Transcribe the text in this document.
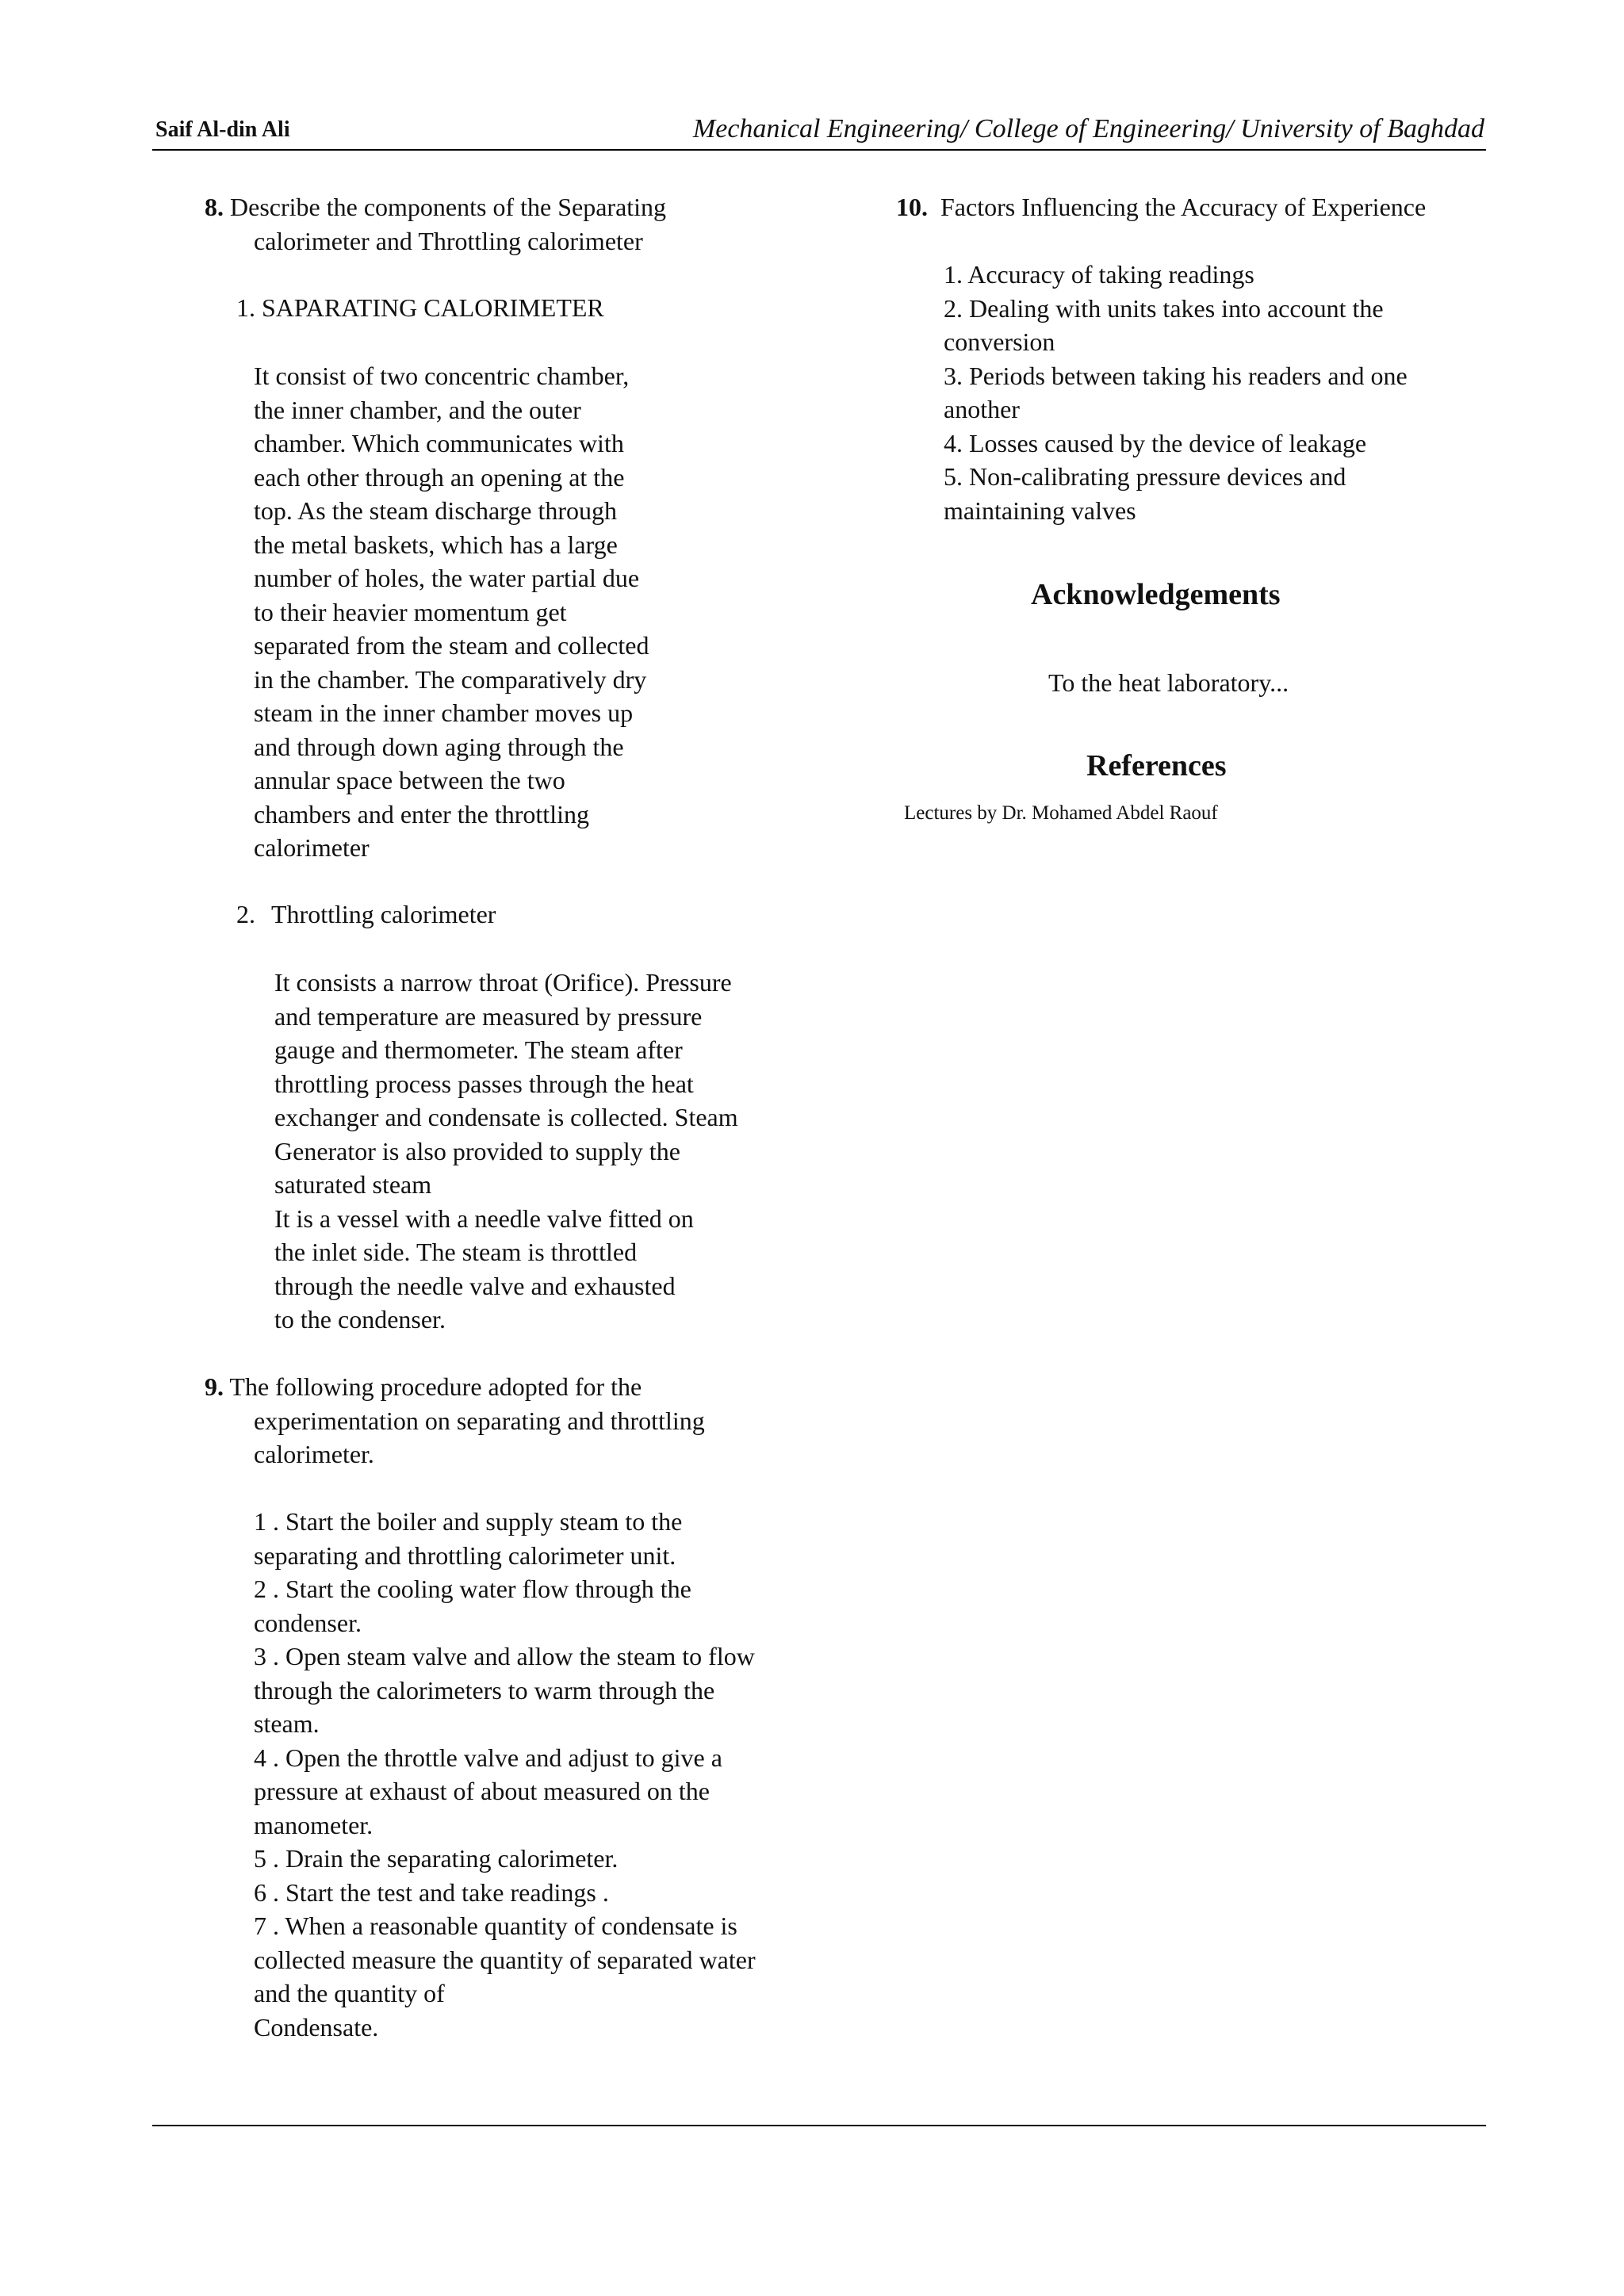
Saif Al-din Ali	Mechanical Engineering/ College of Engineering/ University of Baghdad
8. Describe the components of the Separating
calorimeter and Throttling calorimeter
1. SAPARATING CALORIMETER
It consist of two concentric chamber,
the inner chamber, and the outer
chamber. Which communicates with
each other through an opening at the
top. As the steam discharge through
the metal baskets, which has a large
number of holes, the water partial due
to their heavier momentum get
separated from the steam and collected
in the chamber. The comparatively dry
steam in the inner chamber moves up
and through down aging through the
annular space between the two
chambers and enter the throttling
calorimeter
2. Throttling calorimeter
It consists a narrow throat (Orifice). Pressure
and temperature are measured by pressure
gauge and thermometer. The steam after
throttling process passes through the heat
exchanger and condensate is collected. Steam
Generator is also provided to supply the
saturated steam
It is a vessel with a needle valve fitted on
the inlet side. The steam is throttled
through the needle valve and exhausted
to the condenser.
9. The following procedure adopted for the
experimentation on separating and throttling
calorimeter.
1 . Start the boiler and supply steam to the
separating and throttling calorimeter unit.
2 . Start the cooling water flow through the
condenser.
3 . Open steam valve and allow the steam to flow
through the calorimeters to warm through the
steam.
4 . Open the throttle valve and adjust to give a
pressure at exhaust of about measured on the
manometer.
5 . Drain the separating calorimeter.
6 . Start the test and take readings .
7 . When a reasonable quantity of condensate is
collected measure the quantity of separated water
and the quantity of
Condensate.
10. Factors Influencing the Accuracy of Experience
1. Accuracy of taking readings
2. Dealing with units takes into account the
conversion
3. Periods between taking his readers and one
another
4. Losses caused by the device of leakage
5. Non-calibrating pressure devices and
maintaining valves
Acknowledgements
To the heat laboratory...
References
Lectures by Dr. Mohamed Abdel Raouf
